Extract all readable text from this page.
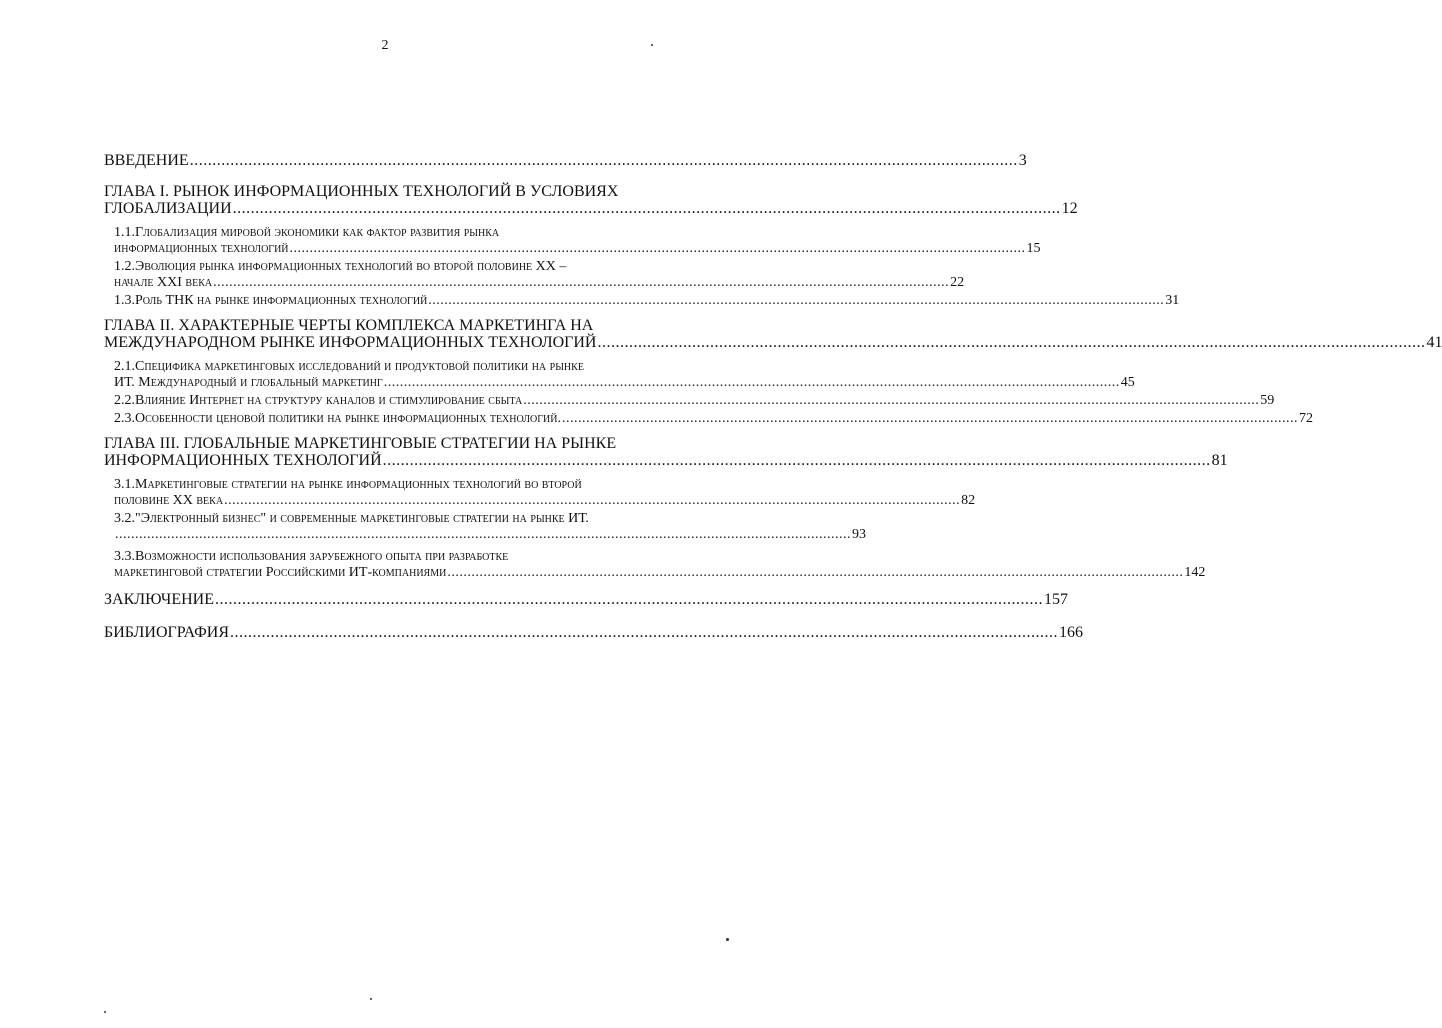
2
ВВЕДЕНИЕ ........................................................................................................................................................................................ 3
ГЛАВА I. РЫНОК ИНФОРМАЦИОННЫХ ТЕХНОЛОГИЙ В УСЛОВИЯХ
ГЛОБАЛИЗАЦИИ ........................................................................................................................................................................................ 12
1.1.Глобализация мировой экономики как фактор развития рынка
информационных технологий ........................................................................................................................................................................................ 15
1.2.Эволюция рынка информационных технологий во второй половине XX –
начале XXI века ........................................................................................................................................................................................ 22
1.3.Роль ТНК на рынке информационных технологий ........................................................................................................................................................................................ 31
ГЛАВА II. ХАРАКТЕРНЫЕ ЧЕРТЫ КОМПЛЕКСА МАРКЕТИНГА НА
МЕЖДУНАРОДНОМ РЫНКЕ ИНФОРМАЦИОННЫХ ТЕХНОЛОГИЙ ........................................................................................................................................................................................ 41
2.1.Специфика маркетинговых исследований и продуктовой политики на рынке
ИТ. Международный и глобальный маркетинг ........................................................................................................................................................................................ 45
2.2.Влияние Интернет на структуру каналов и стимулирование сбыта ........................................................................................................................................................................................ 59
2.3.Особенности ценовой политики на рынке информационных технологий. ........................................................................................................................................................................................ 72
ГЛАВА III. ГЛОБАЛЬНЫЕ МАРКЕТИНГОВЫЕ СТРАТЕГИИ НА РЫНКЕ
ИНФОРМАЦИОННЫХ ТЕХНОЛОГИЙ ........................................................................................................................................................................................ 81
3.1.Маркетинговые стратегии на рынке информационных технологий во второй
половине XX века ........................................................................................................................................................................................ 82
3.2."Электронный бизнес" и современные маркетинговые стратегии на рынке ИТ.
........................................................................................................................................................................................ 93
3.3.Возможности использования зарубежного опыта при разработке
маркетинговой стратегии Российскими ИТ-компаниями ........................................................................................................................................................................................ 142
ЗАКЛЮЧЕНИЕ ........................................................................................................................................................................................ 157
БИБЛИОГРАФИЯ ........................................................................................................................................................................................ 166
